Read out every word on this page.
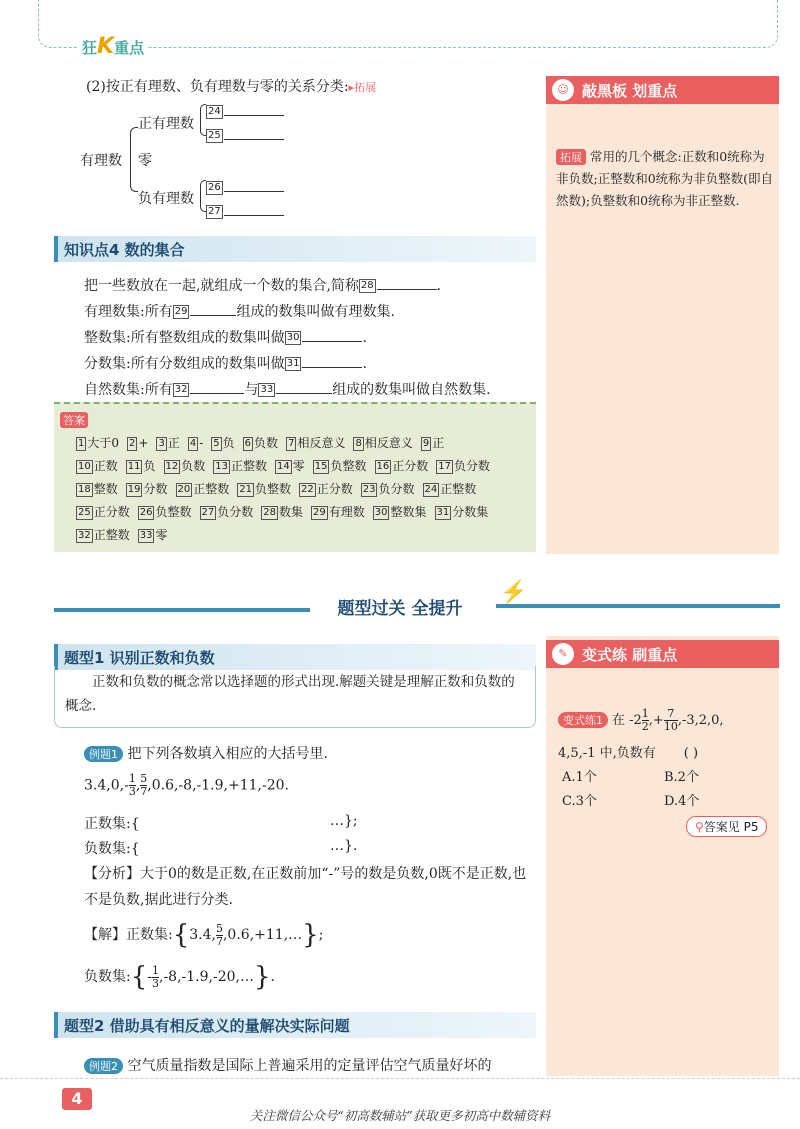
狂K重点
(2)按正有理数、负有理数与零的关系分类:▸拓展
有理数
正有理数
零
负有理数
24
25
26
27
知识点4 数的集合
把一些数放在一起,就组成一个数的集合,简称 28	.
有理数集:所有 29	组成的数集叫做有理数集.
整数集:所有整数组成的数集叫做 30	.
分数集:所有分数组成的数集叫做 31	.
自然数集:所有 32	与 33	组成的数集叫做自然数集.
答案
1 大于0 2 + 3 正 4 - 5 负 6 负数 7 相反意义 8 相反意义 9 正
10 正数 11 负 12 负数 13 正整数 14 零 15 负整数 16 正分数 17 负分数
18 整数 19 分数 20 正整数 21 负整数 22 正分数 23 负分数 24 正整数
25 正分数 26 负整数 27 负分数 28 数集 29 有理数 30 整数集 31 分数集
32 正整数 33 零
☺ 敲黑板 划重点
拓展 常用的几个概念:正数和0统称为非负数;正整数和0统称为非负整数(即自然数);负整数和0统称为非正整数.
题型过关 全提升
⚡
题型1 识别正数和负数
正数和负数的概念常以选择题的形式出现.解题关键是理解正数和负数的概念.
例题1 把下列各数填入相应的大括号里.
$3.4,0,- \frac{1}{3}$ , $\frac{5}{7} ,0.6,-8,-1.9,+11,-20$.
正数集:{	…};
负数集:{	…}.
【分析】大于0的数是正数,在正数前加“-”号的数是负数,0既不是正数,也不是负数,据此进行分类.
【解】正数集:{3.4, $\frac{5}{7}$ ,0.6,+11,…};
负数集:{- $\frac{1}{3}$ ,-8,-1.9,-20,…}.
题型2 借助具有相反意义的量解决实际问题
例题2 空气质量指数是国际上普遍采用的定量评估空气质量好坏的
✎ 变式练 刷重点
变式练1 在 $-2 \frac{1}{2}$ ,+ $\frac{7}{10} ,-3,2,0$,
4,5,-1 中,负数有 ( )
A.1个	B.2个
C.3个	D.4个
⚲答案见 P5
4
关注微信公众号“初高数辅站”获取更多初高中数辅资料
